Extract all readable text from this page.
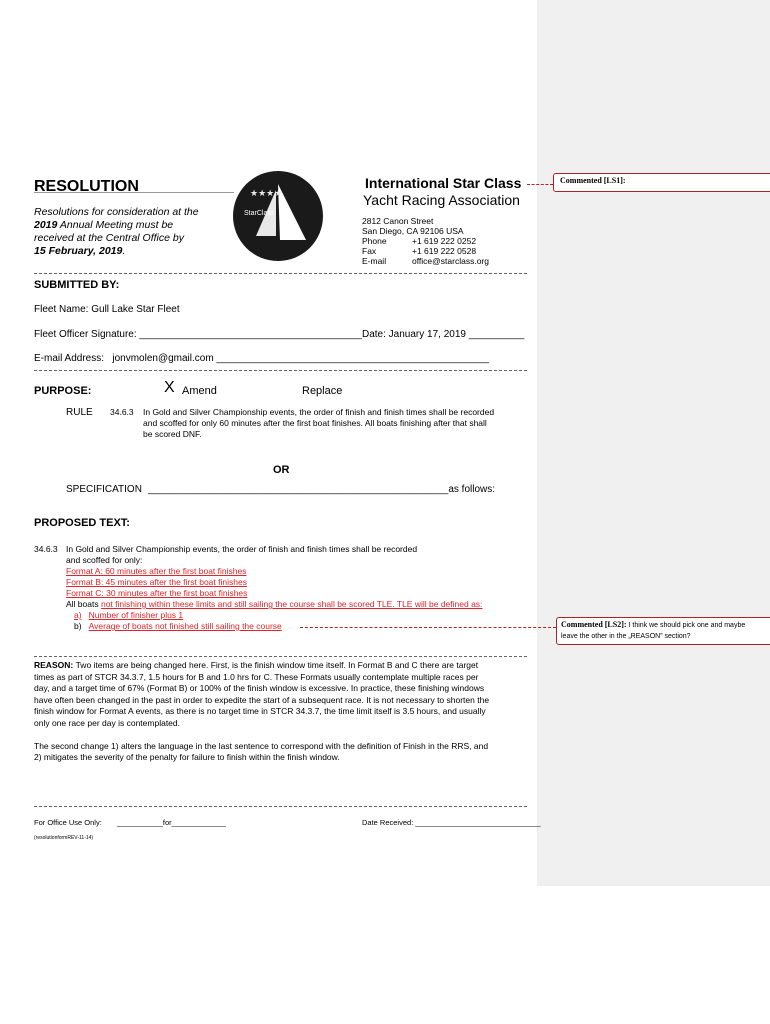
RESOLUTION
Resolutions for consideration at the
2019 Annual Meeting must be
received at the Central Office by
15 February, 2019.
★★★★
StarClass
International Star Class
Yacht Racing Association
2812 Canon Street
San Diego, CA 92106 USA
Phone	+1 619 222 0252
Fax	+1 619 222 0528
E-mail	office@starclass.org
SUBMITTED BY:
Fleet Name: Gull Lake Star Fleet
Fleet Officer Signature: ________________________________________ Date: January 17, 2019 __________
E-mail Address: jonvmolen@gmail.com _________________________________________________
PURPOSE:	X Amend	Replace
RULE 34.6.3 In Gold and Silver Championship events, the order of finish and finish times shall be recorded
and scoffed for only 60 minutes after the first boat finishes. All boats finishing after that shall
be scored DNF.
OR
SPECIFICATION ______________________________________________________as follows:
PROPOSED TEXT:
34.6.3 In Gold and Silver Championship events, the order of finish and finish times shall be recorded
and scoffed for only:
Format A: 60 minutes after the first boat finishes
Format B: 45 minutes after the first boat finishes
Format C: 30 minutes after the first boat finishes
All boats not finishing within these limits and still sailing the course shall be scored TLE. TLE will be defined as:
a) Number of finisher plus 1
b) Average of boats not finished still sailing the course
REASON: Two items are being changed here. First, is the finish window time itself. In Format B and C there are target
times as part of STCR 34.3.7, 1.5 hours for B and 1.0 hrs for C. These Formats usually contemplate multiple races per
day, and a target time of 67% (Format B) or 100% of the finish window is excessive. In practice, these finishing windows
have often been changed in the past in order to expedite the start of a subsequent race. It is not necessary to shorten the
finish window for Format A events, as there is no target time in STCR 34.3.7, the time limit itself is 3.5 hours, and usually
only one race per day is contemplated.
The second change 1) alters the language in the last sentence to correspond with the definition of Finish in the RRS, and
2) mitigates the severity of the penalty for failure to finish within the finish window.
For Office Use Only: ___________for_____________	Date Received: ______________________________
(resolutionformREV-11-14)
Commented [LS1]:
Commented [LS2]: I think we should pick one and maybe
leave the other in the „REASON” section?
